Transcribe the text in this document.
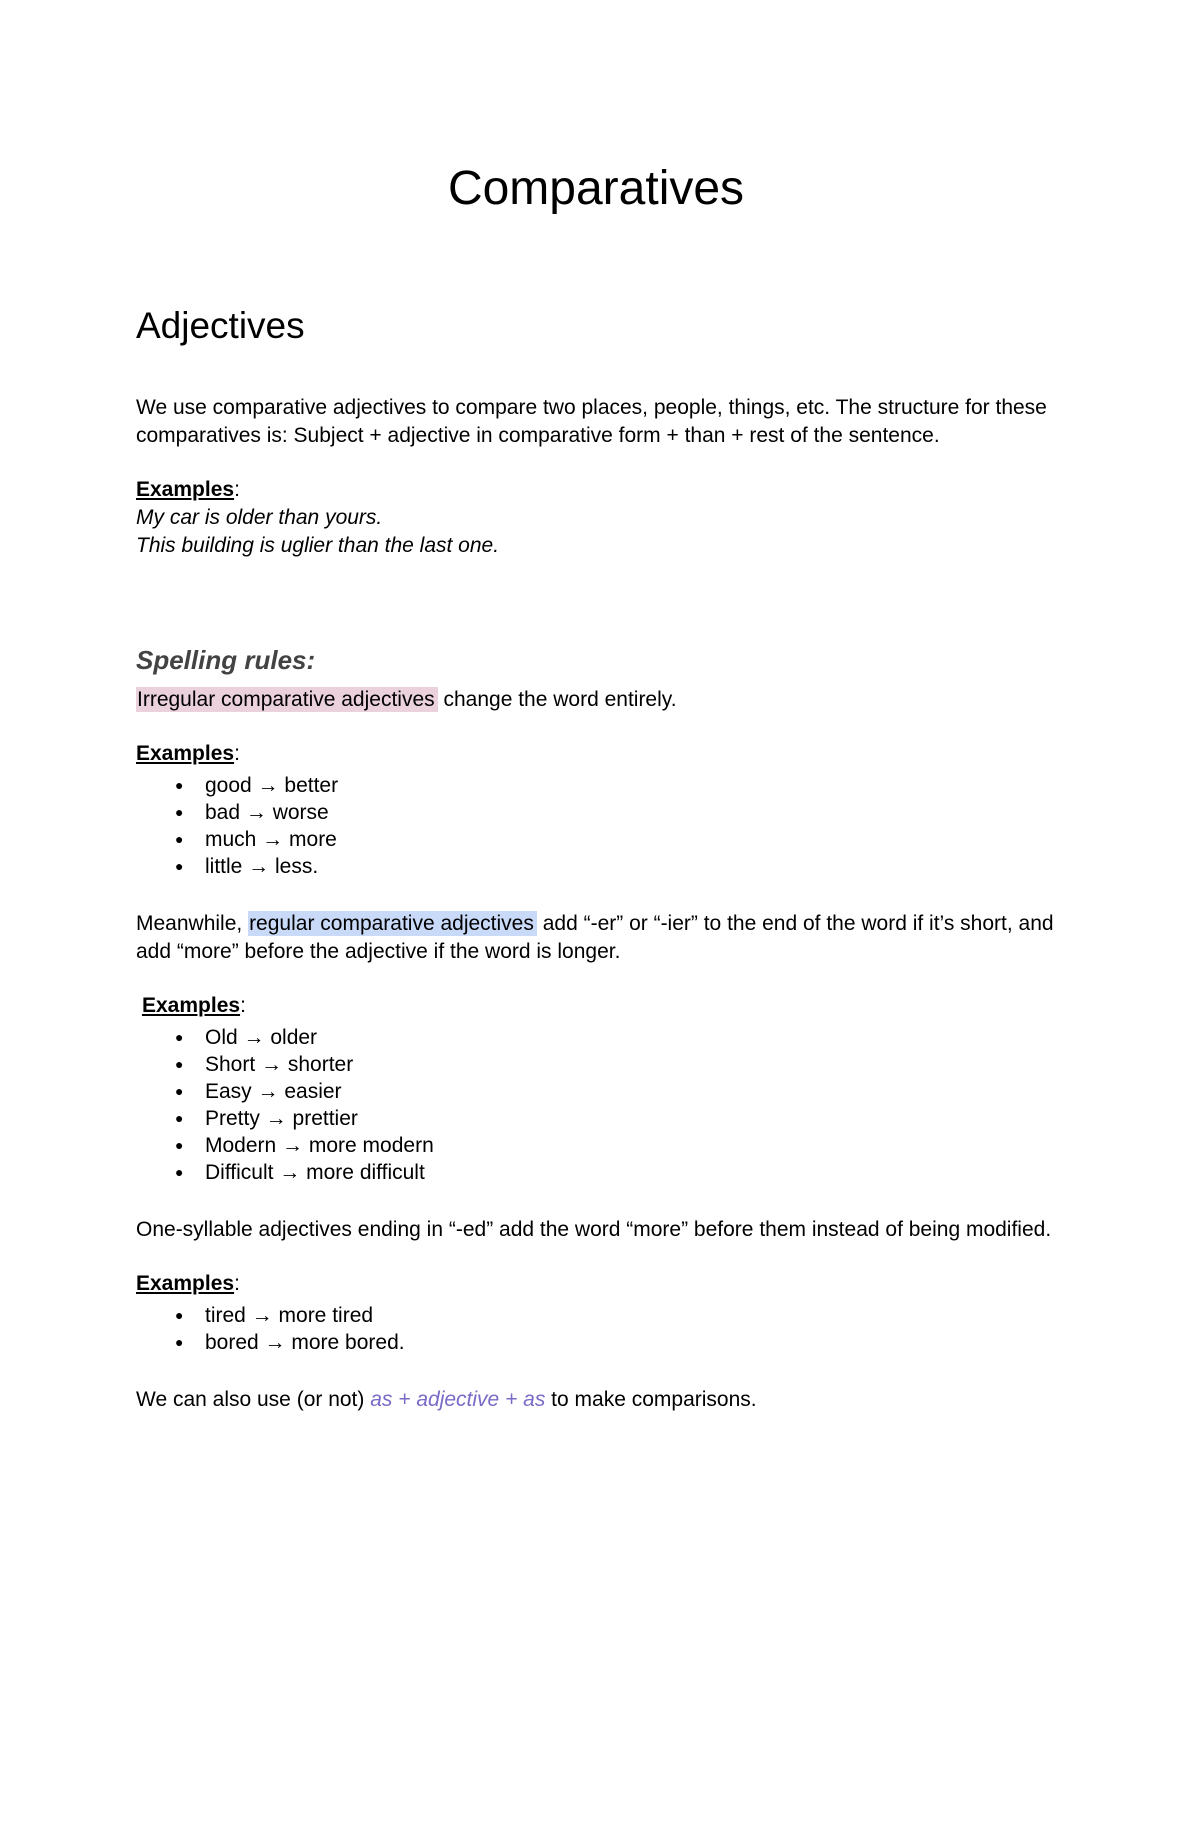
Comparatives
Adjectives

We use comparative adjectives to compare two places, people, things, etc. The structure for these comparatives is: Subject + adjective in comparative form + than + rest of the sentence.

Examples:

My car is older than yours.

This building is uglier than the last one.

Spelling rules:

Irregular comparative adjectives change the word entirely.

Examples:

● good → better
● bad → worse
● much → more
● little → less.

Meanwhile, regular comparative adjectives add “-er” or “-ier” to the end of the word if it’s short, and add “more” before the adjective if the word is longer.

Examples:

● Old → older
● Short → shorter
● Easy → easier
● Pretty → prettier
● Modern → more modern
● Difficult → more difficult

One-syllable adjectives ending in “-ed” add the word “more” before them instead of being modified.

Examples:

● tired → more tired
● bored → more bored.

We can also use (or not) as + adjective + as to make comparisons.
